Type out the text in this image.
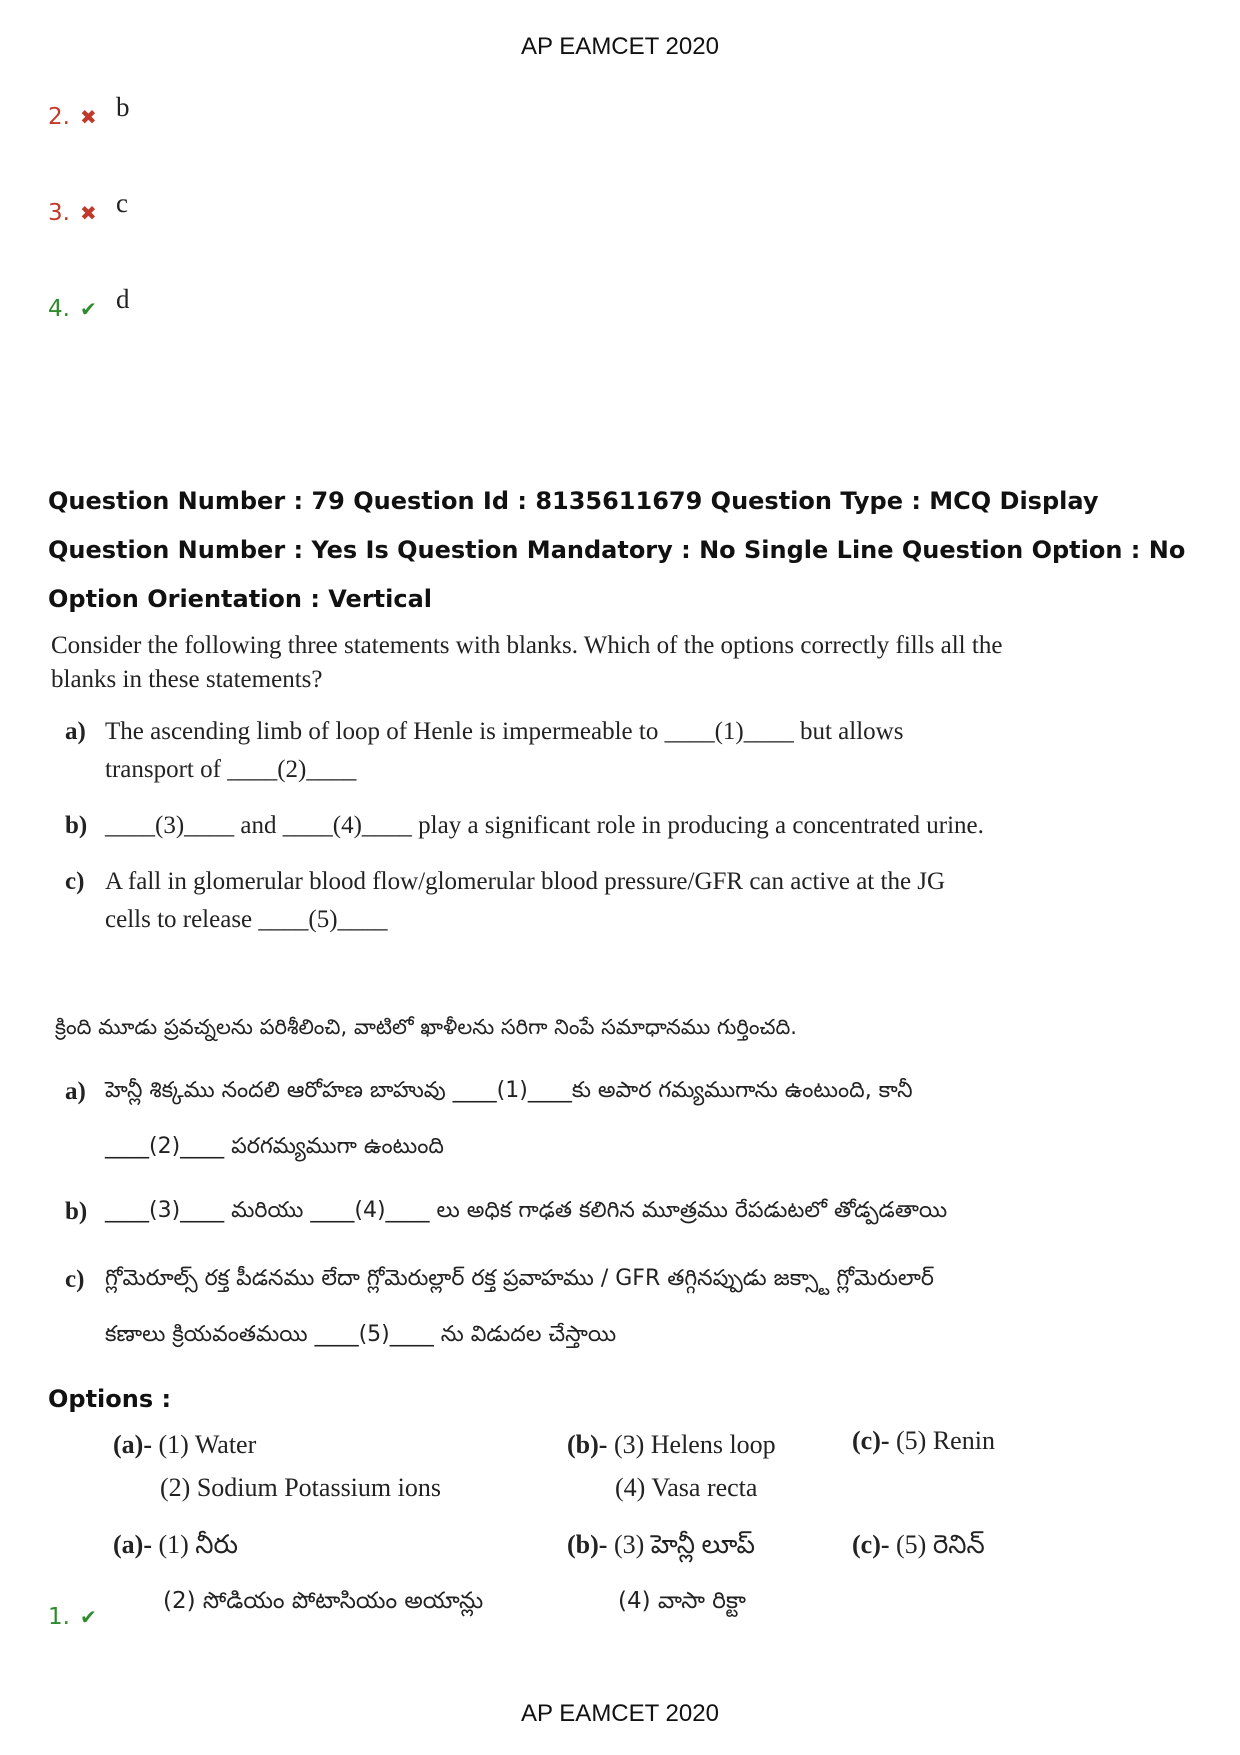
AP EAMCET 2020
2. ✖ b
3. ✖ c
4. ✔ d
Question Number : 79 Question Id : 8135611679 Question Type : MCQ Display Question Number : Yes Is Question Mandatory : No Single Line Question Option : No Option Orientation : Vertical
Consider the following three statements with blanks. Which of the options correctly fills all the
blanks in these statements?
a) The ascending limb of loop of Henle is impermeable to ____(1)____ but allows
transport of ____(2)____
b) ____(3)____ and ____(4)____ play a significant role in producing a concentrated urine.
c) A fall in glomerular blood flow/glomerular blood pressure/GFR can active at the JG
cells to release ____(5)____
క్రింది మూడు ప్రవచ్నలను పరిశీలించి, వాటిలో ఖాళీలను సరిగా నింపే సమాధానము గుర్తించది.
a) హెన్లీ శిక్కము నందలి ఆరోహణ బాహువు ____(1)____కు అపార గమ్యముగాను ఉంటుంది, కానీ
____(2)____ పరగమ్యముగా ఉంటుంది
b) ____(3)____ మరియు ____(4)____ లు అధిక గాఢత కలిగిన మూత్రము రేపడుటలో తోడ్పడతాయి
c) గ్లోమెరూల్స్ రక్త పీడనము లేదా గ్లోమెరుల్లార్ రక్త ప్రవాహము / GFR తగ్గినప్పుడు జక్స్టా గ్లోమెరులార్
కణాలు క్రియవంతమయి ____(5)____ ను విడుదల చేస్తాయి
Options :
(a)- (1) Water
(2) Sodium Potassium ions
(b)- (3) Helens loop
(4) Vasa recta
(c)- (5) Renin
(a)- (1) నీరు
(2) సోడియం పోటాసియం అయాన్లు
(b)- (3) హెన్లీ లూప్
(4) వాసా రిక్టా
(c)- (5) రెనిన్
1. ✔
AP EAMCET 2020
